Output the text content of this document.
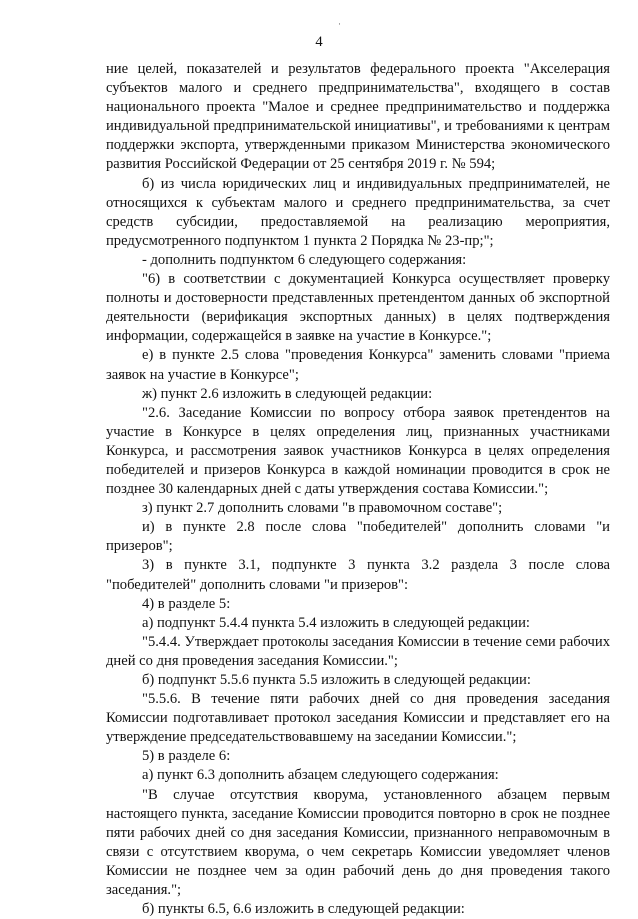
·
4

ние целей, показателей и результатов федерального проекта "Акселерация субъектов малого и среднего предпринимательства", входящего в состав национального проекта "Малое и среднее предпринимательство и поддержка индивидуальной предпринимательской инициативы", и требованиями к центрам поддержки экспорта, утвержденными приказом Министерства экономического развития Российской Федерации от 25 сентября 2019 г. № 594;

б) из числа юридических лиц и индивидуальных предпринимателей, не относящихся к субъектам малого и среднего предпринимательства, за счет средств субсидии, предоставляемой на реализацию мероприятия, предусмотренного подпунктом 1 пункта 2 Порядка № 23-пр;";

- дополнить подпунктом 6 следующего содержания:

"6) в соответствии с документацией Конкурса осуществляет проверку полноты и достоверности представленных претендентом данных об экспортной деятельности (верификация экспортных данных) в целях подтверждения информации, содержащейся в заявке на участие в Конкурсе.";

е) в пункте 2.5 слова "проведения Конкурса" заменить словами "приема заявок на участие в Конкурсе";

ж) пункт 2.6 изложить в следующей редакции:

"2.6. Заседание Комиссии по вопросу отбора заявок претендентов на участие в Конкурсе в целях определения лиц, признанных участниками Конкурса, и рассмотрения заявок участников Конкурса в целях определения победителей и призеров Конкурса в каждой номинации проводится в срок не позднее 30 календарных дней с даты утверждения состава Комиссии.";

з) пункт 2.7 дополнить словами "в правомочном составе";

и) в пункте 2.8 после слова "победителей" дополнить словами "и призеров";

3) в пункте 3.1, подпункте 3 пункта 3.2 раздела 3 после слова "победителей" дополнить словами "и призеров":

4) в разделе 5:

а) подпункт 5.4.4 пункта 5.4 изложить в следующей редакции:

"5.4.4. Утверждает протоколы заседания Комиссии в течение семи рабочих дней со дня проведения заседания Комиссии.";

б) подпункт 5.5.6 пункта 5.5 изложить в следующей редакции:

"5.5.6. В течение пяти рабочих дней со дня проведения заседания Комиссии подготавливает протокол заседания Комиссии и представляет его на утверждение председательствовавшему на заседании Комиссии.";

5) в разделе 6:

а) пункт 6.3 дополнить абзацем следующего содержания:

"В случае отсутствия кворума, установленного абзацем первым настоящего пункта, заседание Комиссии проводится повторно в срок не позднее пяти рабочих дней со дня заседания Комиссии, признанного неправомочным в связи с отсутствием кворума, о чем секретарь Комиссии уведомляет членов Комиссии не позднее чем за один рабочий день до дня проведения такого заседания.";

б) пункты 6.5, 6.6 изложить в следующей редакции:
